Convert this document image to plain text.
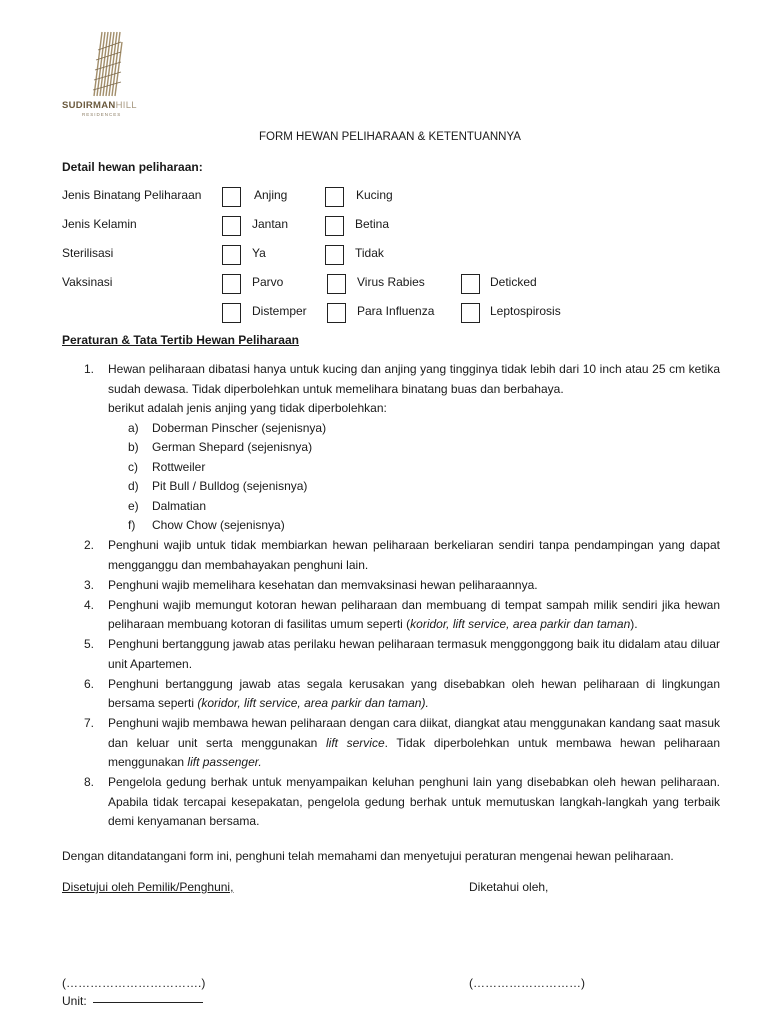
SUDIRMANHILL
RESIDENCES
FORM HEWAN PELIHARAAN & KETENTUANNYA
Detail hewan peliharaan:
Jenis Binatang Peliharaan	Anjing	Kucing
Jenis Kelamin	Jantan	Betina
Sterilisasi	Ya	Tidak
Vaksinasi	Parvo	Virus Rabies	Deticked
Distemper	Para Influenza	Leptospirosis
Peraturan & Tata Tertib Hewan Peliharaan
1. Hewan peliharaan dibatasi hanya untuk kucing dan anjing yang tingginya tidak lebih dari 10 inch atau 25 cm ketika sudah dewasa. Tidak diperbolehkan untuk memelihara binatang buas dan berbahaya.
berikut adalah jenis anjing yang tidak diperbolehkan:
a) Doberman Pinscher (sejenisnya)
b) German Shepard (sejenisnya)
c) Rottweiler
d) Pit Bull / Bulldog (sejenisnya)
e) Dalmatian
f) Chow Chow (sejenisnya)
2. Penghuni wajib untuk tidak membiarkan hewan peliharaan berkeliaran sendiri tanpa pendampingan yang dapat mengganggu dan membahayakan penghuni lain.
3. Penghuni wajib memelihara kesehatan dan memvaksinasi hewan peliharaannya.
4. Penghuni wajib memungut kotoran hewan peliharaan dan membuang di tempat sampah milik sendiri jika hewan peliharaan membuang kotoran di fasilitas umum seperti (koridor, lift service, area parkir dan taman).
5. Penghuni bertanggung jawab atas perilaku hewan peliharaan termasuk menggonggong baik itu didalam atau diluar unit Apartemen.
6. Penghuni bertanggung jawab atas segala kerusakan yang disebabkan oleh hewan peliharaan di lingkungan bersama seperti (koridor, lift service, area parkir dan taman).
7. Penghuni wajib membawa hewan peliharaan dengan cara diikat, diangkat atau menggunakan kandang saat masuk dan keluar unit serta menggunakan lift service. Tidak diperbolehkan untuk membawa hewan peliharaan menggunakan lift passenger.
8. Pengelola gedung berhak untuk menyampaikan keluhan penghuni lain yang disebabkan oleh hewan peliharaan. Apabila tidak tercapai kesepakatan, pengelola gedung berhak untuk memutuskan langkah-langkah yang terbaik demi kenyamanan bersama.
Dengan ditandatangani form ini, penghuni telah memahami dan menyetujui peraturan mengenai hewan peliharaan.
Disetujui oleh Pemilik/Penghuni,	Diketahui oleh,
(…………………………….)	(………………………)
Unit:
